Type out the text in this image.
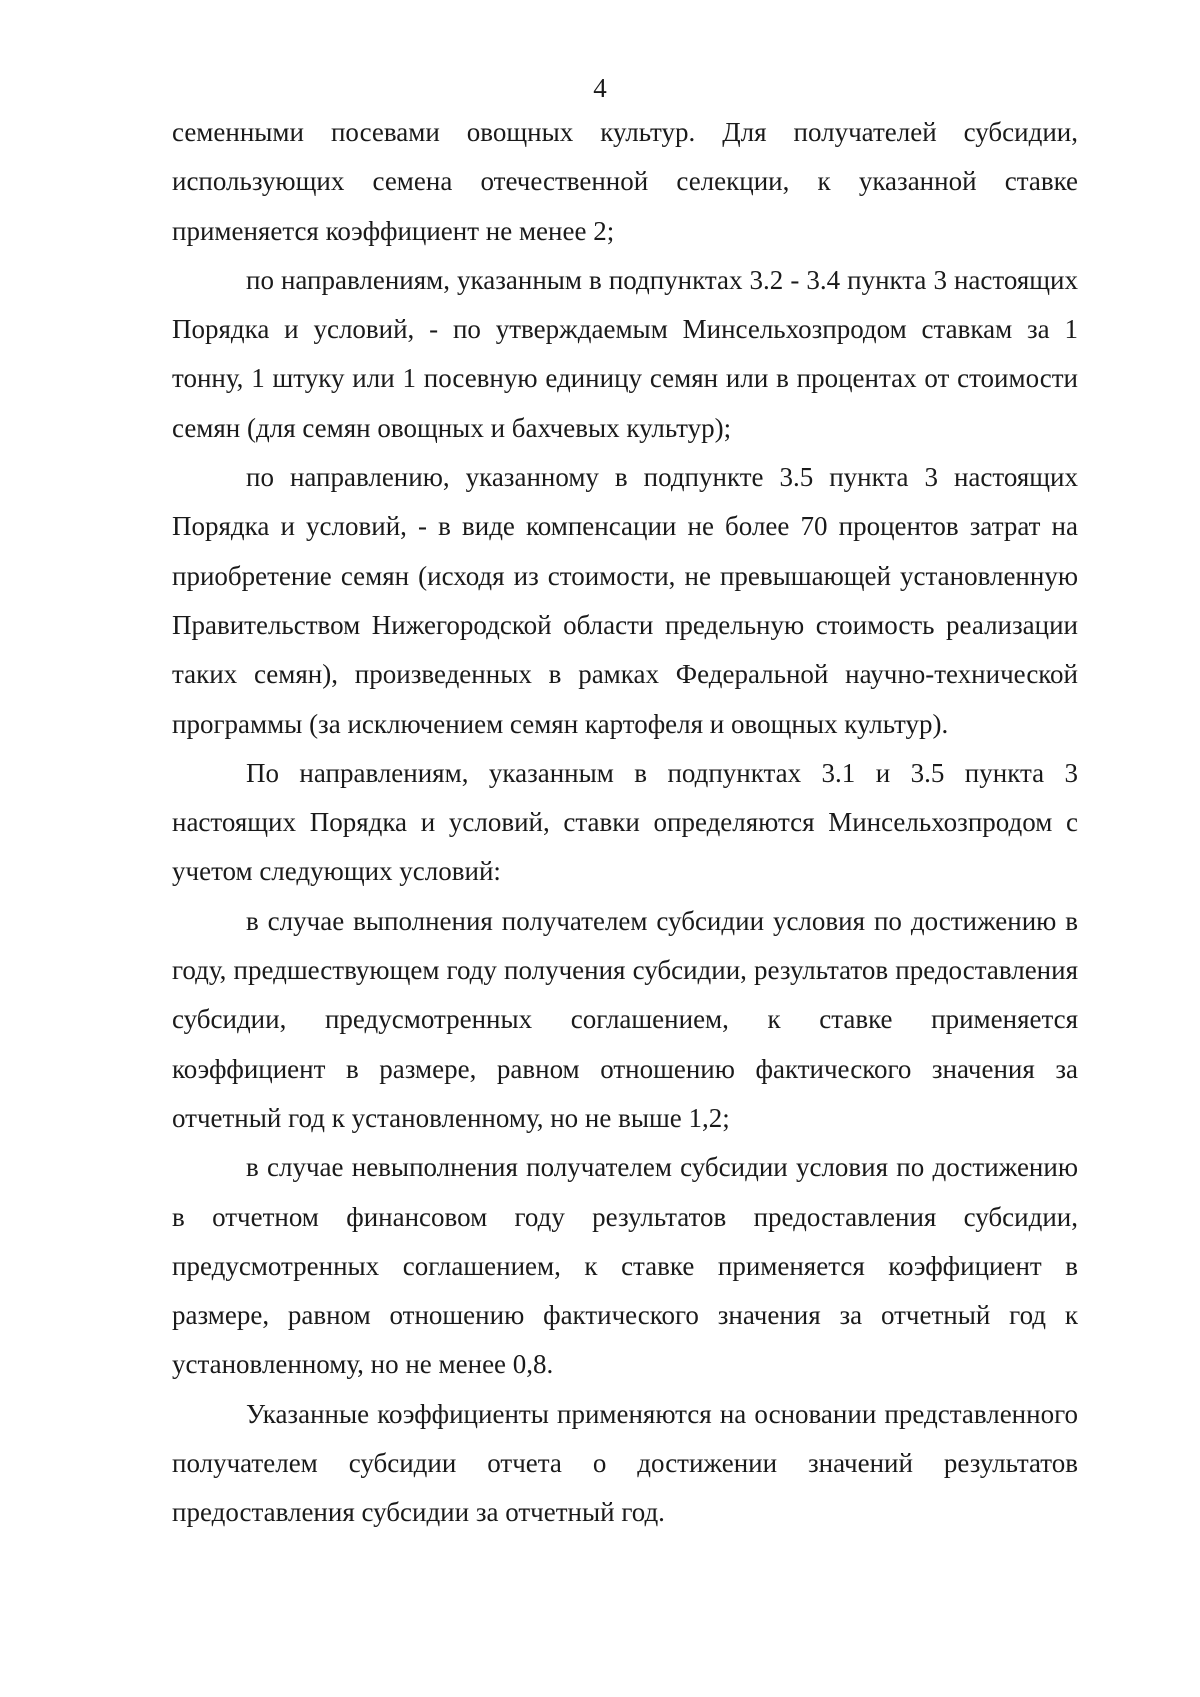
4

семенными посевами овощных культур. Для получателей субсидии, использующих семена отечественной селекции, к указанной ставке применяется коэффициент не менее 2;

по направлениям, указанным в подпунктах 3.2 - 3.4 пункта 3 настоящих Порядка и условий, - по утверждаемым Минсельхозпродом ставкам за 1 тонну, 1 штуку или 1 посевную единицу семян или в процентах от стоимости семян (для семян овощных и бахчевых культур);

по направлению, указанному в подпункте 3.5 пункта 3 настоящих Порядка и условий, - в виде компенсации не более 70 процентов затрат на приобретение семян (исходя из стоимости, не превышающей установленную Правительством Нижегородской области предельную стоимость реализации таких семян), произведенных в рамках Федеральной научно-технической программы (за исключением семян картофеля и овощных культур).

По направлениям, указанным в подпунктах 3.1 и 3.5 пункта 3 настоящих Порядка и условий, ставки определяются Минсельхозпродом с учетом следующих условий:

в случае выполнения получателем субсидии условия по достижению в году, предшествующем году получения субсидии, результатов предоставления субсидии, предусмотренных соглашением, к ставке применяется коэффициент в размере, равном отношению фактического значения за отчетный год к установленному, но не выше 1,2;

в случае невыполнения получателем субсидии условия по достижению в отчетном финансовом году результатов предоставления субсидии, предусмотренных соглашением, к ставке применяется коэффициент в размере, равном отношению фактического значения за отчетный год к установленному, но не менее 0,8.

Указанные коэффициенты применяются на основании представленного получателем субсидии отчета о достижении значений результатов предоставления субсидии за отчетный год.
